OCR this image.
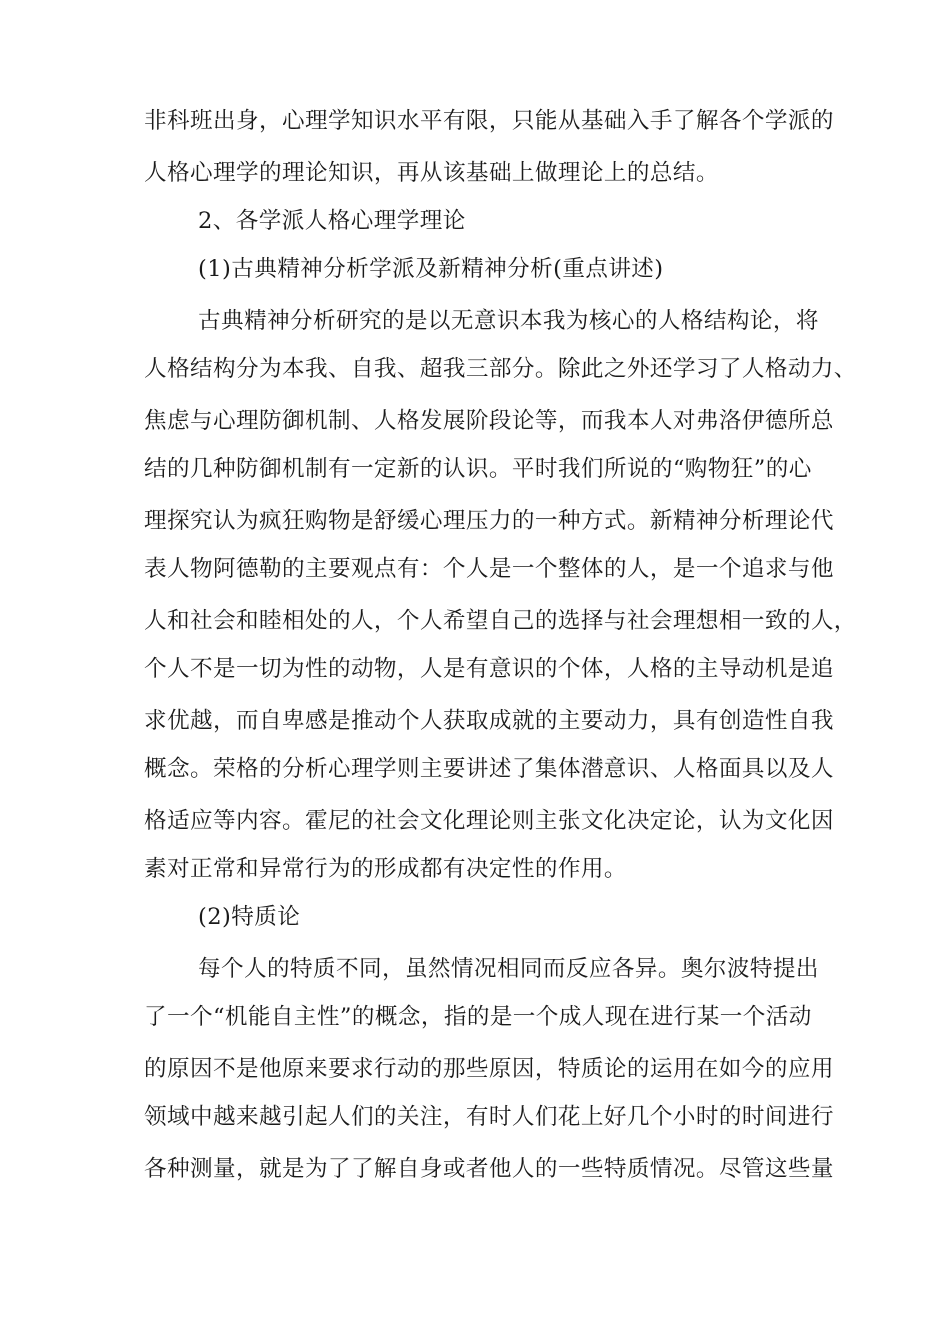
非科班出身，心理学知识水平有限，只能从基础入手了解各个学派的
人格心理学的理论知识，再从该基础上做理论上的总结。
2、各学派人格心理学理论
(1)古典精神分析学派及新精神分析(重点讲述)
古典精神分析研究的是以无意识本我为核心的人格结构论，将
人格结构分为本我、自我、超我三部分。除此之外还学习了人格动力、
焦虑与心理防御机制、人格发展阶段论等，而我本人对弗洛伊德所总
结的几种防御机制有一定新的认识。平时我们所说的“购物狂”的心
理探究认为疯狂购物是舒缓心理压力的一种方式。新精神分析理论代
表人物阿德勒的主要观点有：个人是一个整体的人，是一个追求与他
人和社会和睦相处的人，个人希望自己的选择与社会理想相一致的人，
个人不是一切为性的动物，人是有意识的个体，人格的主导动机是追
求优越，而自卑感是推动个人获取成就的主要动力，具有创造性自我
概念。荣格的分析心理学则主要讲述了集体潜意识、人格面具以及人
格适应等内容。霍尼的社会文化理论则主张文化决定论，认为文化因
素对正常和异常行为的形成都有决定性的作用。
(2)特质论
每个人的特质不同，虽然情况相同而反应各异。奥尔波特提出
了一个“机能自主性”的概念，指的是一个成人现在进行某一个活动
的原因不是他原来要求行动的那些原因，特质论的运用在如今的应用
领域中越来越引起人们的关注，有时人们花上好几个小时的时间进行
各种测量，就是为了了解自身或者他人的一些特质情况。尽管这些量
